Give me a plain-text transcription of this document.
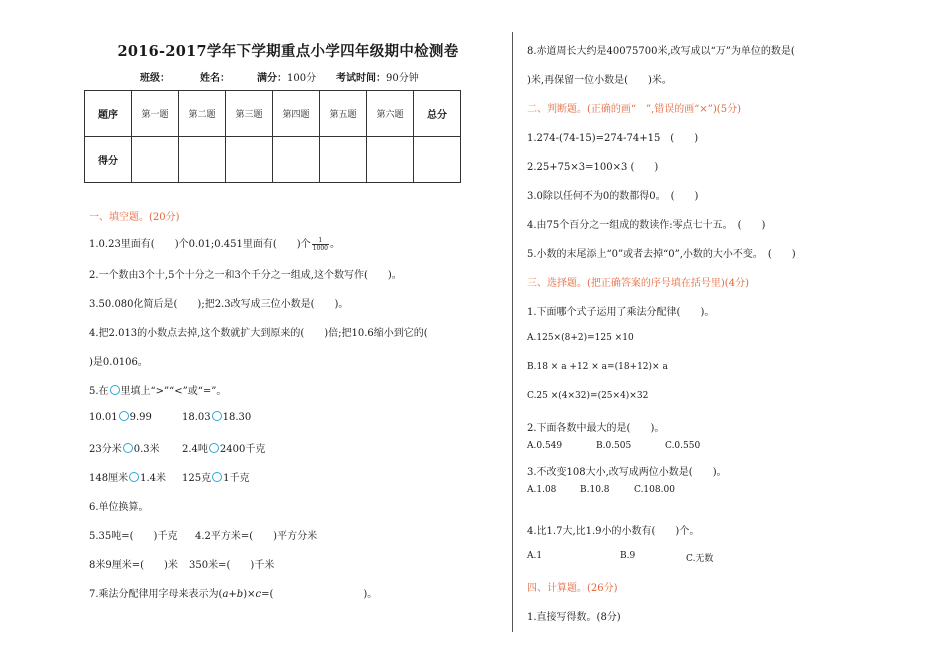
2016-2017学年下学期重点小学四年级期中检测卷
班级：	姓名：	满分：100分 考试时间：90分钟
题序	第一题	第二题	第三题	第四题	第五题	第六题	总分
得分							
一、填空题。(20分)
1.0.23里面有(　　)个0.01;0.451里面有(　　)个 $\frac{1}{1000}$ 。
2.一个数由3个十,5个十分之一和3个千分之一组成,这个数写作(　　)。
3.50.080化简后是(　　);把2.3改写成三位小数是(　　)。
4.把2.013的小数点去掉,这个数就扩大到原来的(　　)倍;把10.6缩小到它的(
)是0.0106。
5.在 里填上“>”“<”或“=”。
10.01 9.99	18.03 18.30
23分米 0.3米 2.4吨 2400千克
148厘米 1.4米 125克 1千克
6.单位换算。
5.35吨=(　　)千克 4.2平方米=(　　)平方分米
8米9厘米=(　　)米 350米=(　　)千米
7.乘法分配律用字母来表示为(a+b)×c=(　　　　　　　　　)。
8.赤道周长大约是40075700米,改写成以“万”为单位的数是(
)米,再保留一位小数是(　　)米。
二、判断题。(正确的画“　”,错误的画“×”)(5分)
1.274-(74-15)=274-74+15　(　　)
2.25+75×3=100×3 (　　)
3.0除以任何不为0的数都得0。　(　　)
4.由75个百分之一组成的数读作:零点七十五。　(　　)
5.小数的末尾添上“0”或者去掉“0”,小数的大小不变。　(　　)
三、选择题。(把正确答案的序号填在括号里)(4分)
1.下面哪个式子运用了乘法分配律(　　)。
A.125×(8+2)=125 ×10
B.18 × a +12 × a=(18+12)× a
C.25 ×(4×32)=(25×4)×32
2.下面各数中最大的是(　　)。
A.0.549	B.0.505	C.0.550
3.不改变108大小,改写成两位小数是(　　)。
A.1.08	B.10.8	C.108.00
4.比1.7大,比1.9小的小数有(　　)个。
A.1	B.9	C.无数
四、计算题。(26分)
1.直接写得数。(8分)
